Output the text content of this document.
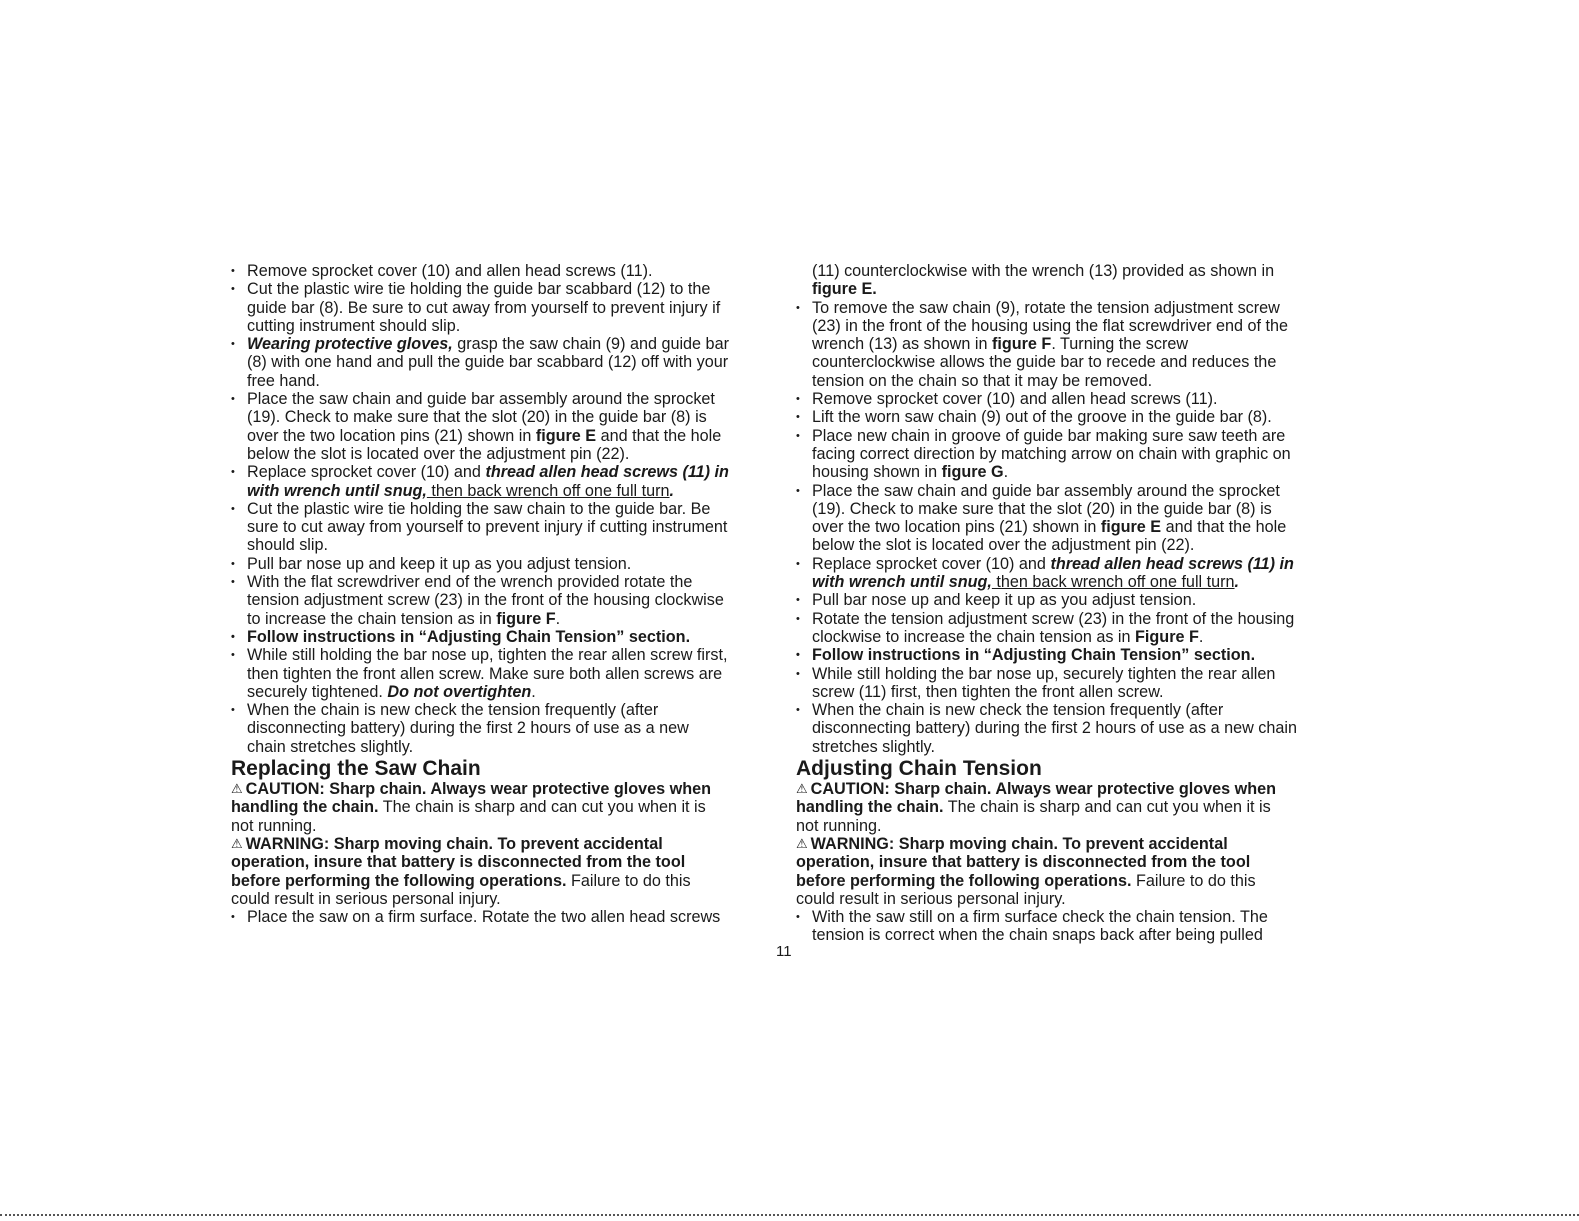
• Remove sprocket cover (10) and allen head screws (11).
• Cut the plastic wire tie holding the guide bar scabbard (12) to the
guide bar (8). Be sure to cut away from yourself to prevent injury if
cutting instrument should slip.
• Wearing protective gloves, grasp the saw chain (9) and guide bar
(8) with one hand and pull the guide bar scabbard (12) off with your
free hand.
• Place the saw chain and guide bar assembly around the sprocket
(19). Check to make sure that the slot (20) in the guide bar (8) is
over the two location pins (21) shown in figure E and that the hole
below the slot is located over the adjustment pin (22).
• Replace sprocket cover (10) and thread allen head screws (11) in
with wrench until snug, then back wrench off one full turn.
• Cut the plastic wire tie holding the saw chain to the guide bar. Be
sure to cut away from yourself to prevent injury if cutting instrument
should slip.
• Pull bar nose up and keep it up as you adjust tension.
• With the flat screwdriver end of the wrench provided rotate the
tension adjustment screw (23) in the front of the housing clockwise
to increase the chain tension as in figure F.
• Follow instructions in “Adjusting Chain Tension” section.
• While still holding the bar nose up, tighten the rear allen screw first,
then tighten the front allen screw. Make sure both allen screws are
securely tightened. Do not overtighten.
• When the chain is new check the tension frequently (after
disconnecting battery) during the first 2 hours of use as a new
chain stretches slightly.
Replacing the Saw Chain
⚠ CAUTION: Sharp chain. Always wear protective gloves when
handling the chain. The chain is sharp and can cut you when it is
not running.
⚠ WARNING: Sharp moving chain. To prevent accidental
operation, insure that battery is disconnected from the tool
before performing the following operations. Failure to do this
could result in serious personal injury.
• Place the saw on a firm surface. Rotate the two allen head screws
(11) counterclockwise with the wrench (13) provided as shown in
figure E.
• To remove the saw chain (9), rotate the tension adjustment screw
(23) in the front of the housing using the flat screwdriver end of the
wrench (13) as shown in figure F. Turning the screw
counterclockwise allows the guide bar to recede and reduces the
tension on the chain so that it may be removed.
• Remove sprocket cover (10) and allen head screws (11).
• Lift the worn saw chain (9) out of the groove in the guide bar (8).
• Place new chain in groove of guide bar making sure saw teeth are
facing correct direction by matching arrow on chain with graphic on
housing shown in figure G.
• Place the saw chain and guide bar assembly around the sprocket
(19). Check to make sure that the slot (20) in the guide bar (8) is
over the two location pins (21) shown in figure E and that the hole
below the slot is located over the adjustment pin (22).
• Replace sprocket cover (10) and thread allen head screws (11) in
with wrench until snug, then back wrench off one full turn.
• Pull bar nose up and keep it up as you adjust tension.
• Rotate the tension adjustment screw (23) in the front of the housing
clockwise to increase the chain tension as in Figure F.
• Follow instructions in “Adjusting Chain Tension” section.
• While still holding the bar nose up, securely tighten the rear allen
screw (11) first, then tighten the front allen screw.
• When the chain is new check the tension frequently (after
disconnecting battery) during the first 2 hours of use as a new chain
stretches slightly.
Adjusting Chain Tension
⚠ CAUTION: Sharp chain. Always wear protective gloves when
handling the chain. The chain is sharp and can cut you when it is
not running.
⚠ WARNING: Sharp moving chain. To prevent accidental
operation, insure that battery is disconnected from the tool
before performing the following operations. Failure to do this
could result in serious personal injury.
• With the saw still on a firm surface check the chain tension. The
tension is correct when the chain snaps back after being pulled
11
